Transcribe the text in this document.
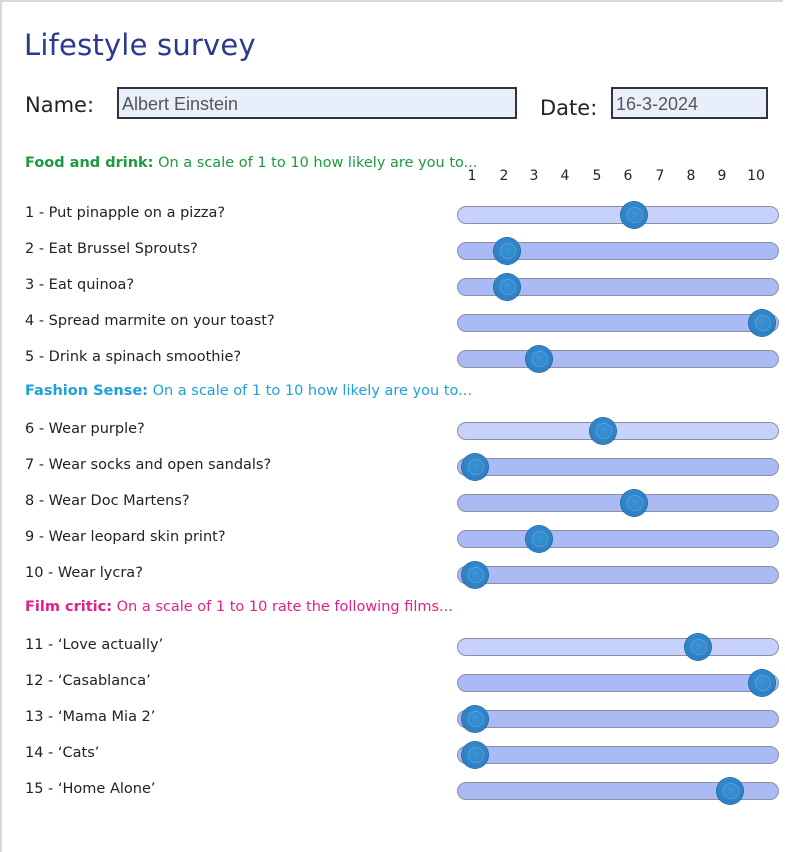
Lifestyle survey
Name: Albert Einstein	Date: 16-3-2024
Food and drink: On a scale of 1 to 10 how likely are you to...
1 2 3 4 5 6 7 8 9 10
1 - Put pinapple on a pizza?
2 - Eat Brussel Sprouts?
3 - Eat quinoa?
4 - Spread marmite on your toast?
5 - Drink a spinach smoothie?
6 - Wear purple?
7 - Wear socks and open sandals?
8 - Wear Doc Martens?
9 - Wear leopard skin print?
10 - Wear lycra?
11 - ‘Love actually’
12 - ‘Casablanca’
13 - ‘Mama Mia 2’
14 - ‘Cats’
15 - ‘Home Alone’
Fashion Sense: On a scale of 1 to 10 how likely are you to...
Film critic: On a scale of 1 to 10 rate the following films...
